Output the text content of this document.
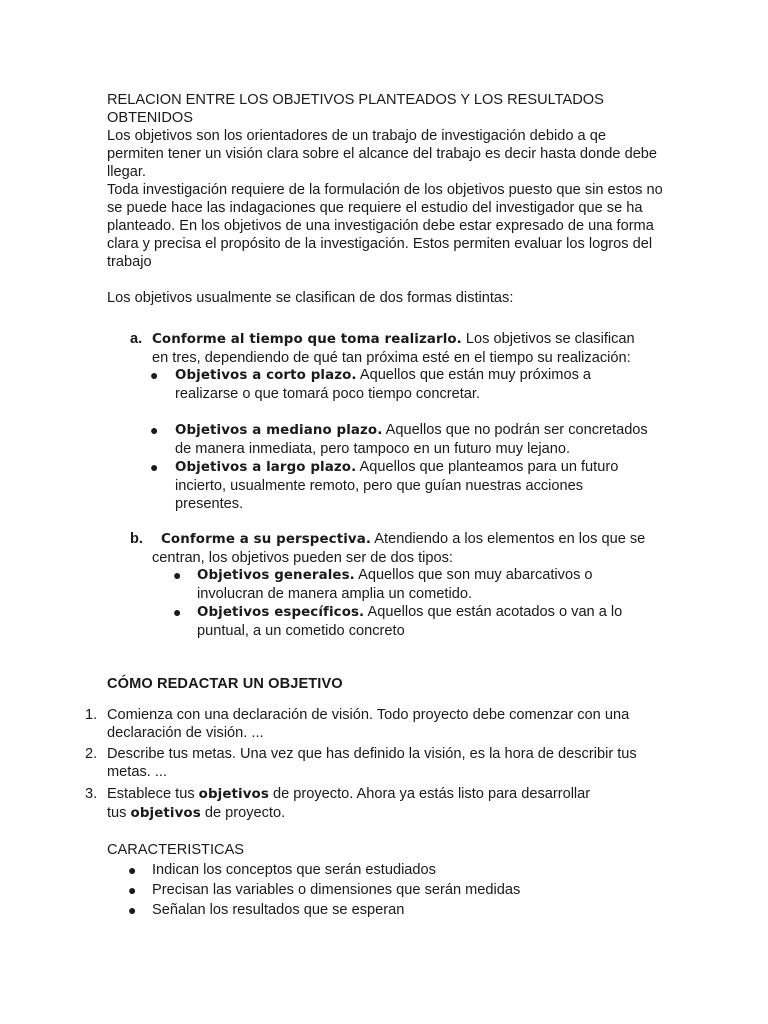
RELACION ENTRE LOS OBJETIVOS PLANTEADOS Y LOS RESULTADOS

OBTENIDOS

Los objetivos son los orientadores de un trabajo de investigación debido a qe permiten tener un visión clara sobre el alcance del trabajo es decir hasta donde debe llegar.
Toda investigación requiere de la formulación de los objetivos puesto que sin estos no se puede hace las indagaciones que requiere el estudio del investigador que se ha planteado. En los objetivos de una investigación debe estar expresado de una forma clara y precisa el propósito de la investigación. Estos permiten evaluar los logros del trabajo
Los objetivos usualmente se clasifican de dos formas distintas:
a. Conforme al tiempo que toma realizarlo. Los objetivos se clasifican en tres, dependiendo de qué tan próxima esté en el tiempo su realización:
● Objetivos a corto plazo. Aquellos que están muy próximos a realizarse o que tomará poco tiempo concretar.
● Objetivos a mediano plazo. Aquellos que no podrán ser concretados de manera inmediata, pero tampoco en un futuro muy lejano.
● Objetivos a largo plazo. Aquellos que planteamos para un futuro incierto, usualmente remoto, pero que guían nuestras acciones presentes.
b.	Conforme a su perspectiva. Atendiendo a los elementos en los que se centran, los objetivos pueden ser de dos tipos:
● Objetivos generales. Aquellos que son muy abarcativos o involucran de manera amplia un cometido.
● Objetivos específicos. Aquellos que están acotados o van a lo puntual, a un cometido concreto
CÓMO REDACTAR UN OBJETIVO
1. Comienza con una declaración de visión. Todo proyecto debe comenzar con una declaración de visión. ...
2. Describe tus metas. Una vez que has definido la visión, es la hora de describir tus metas. ...
3. Establece tus objetivos de proyecto. Ahora ya estás listo para desarrollar tus objetivos de proyecto.
CARACTERISTICAS
● Indican los conceptos que serán estudiados
● Precisan las variables o dimensiones que serán medidas
● Señalan los resultados que se esperan
